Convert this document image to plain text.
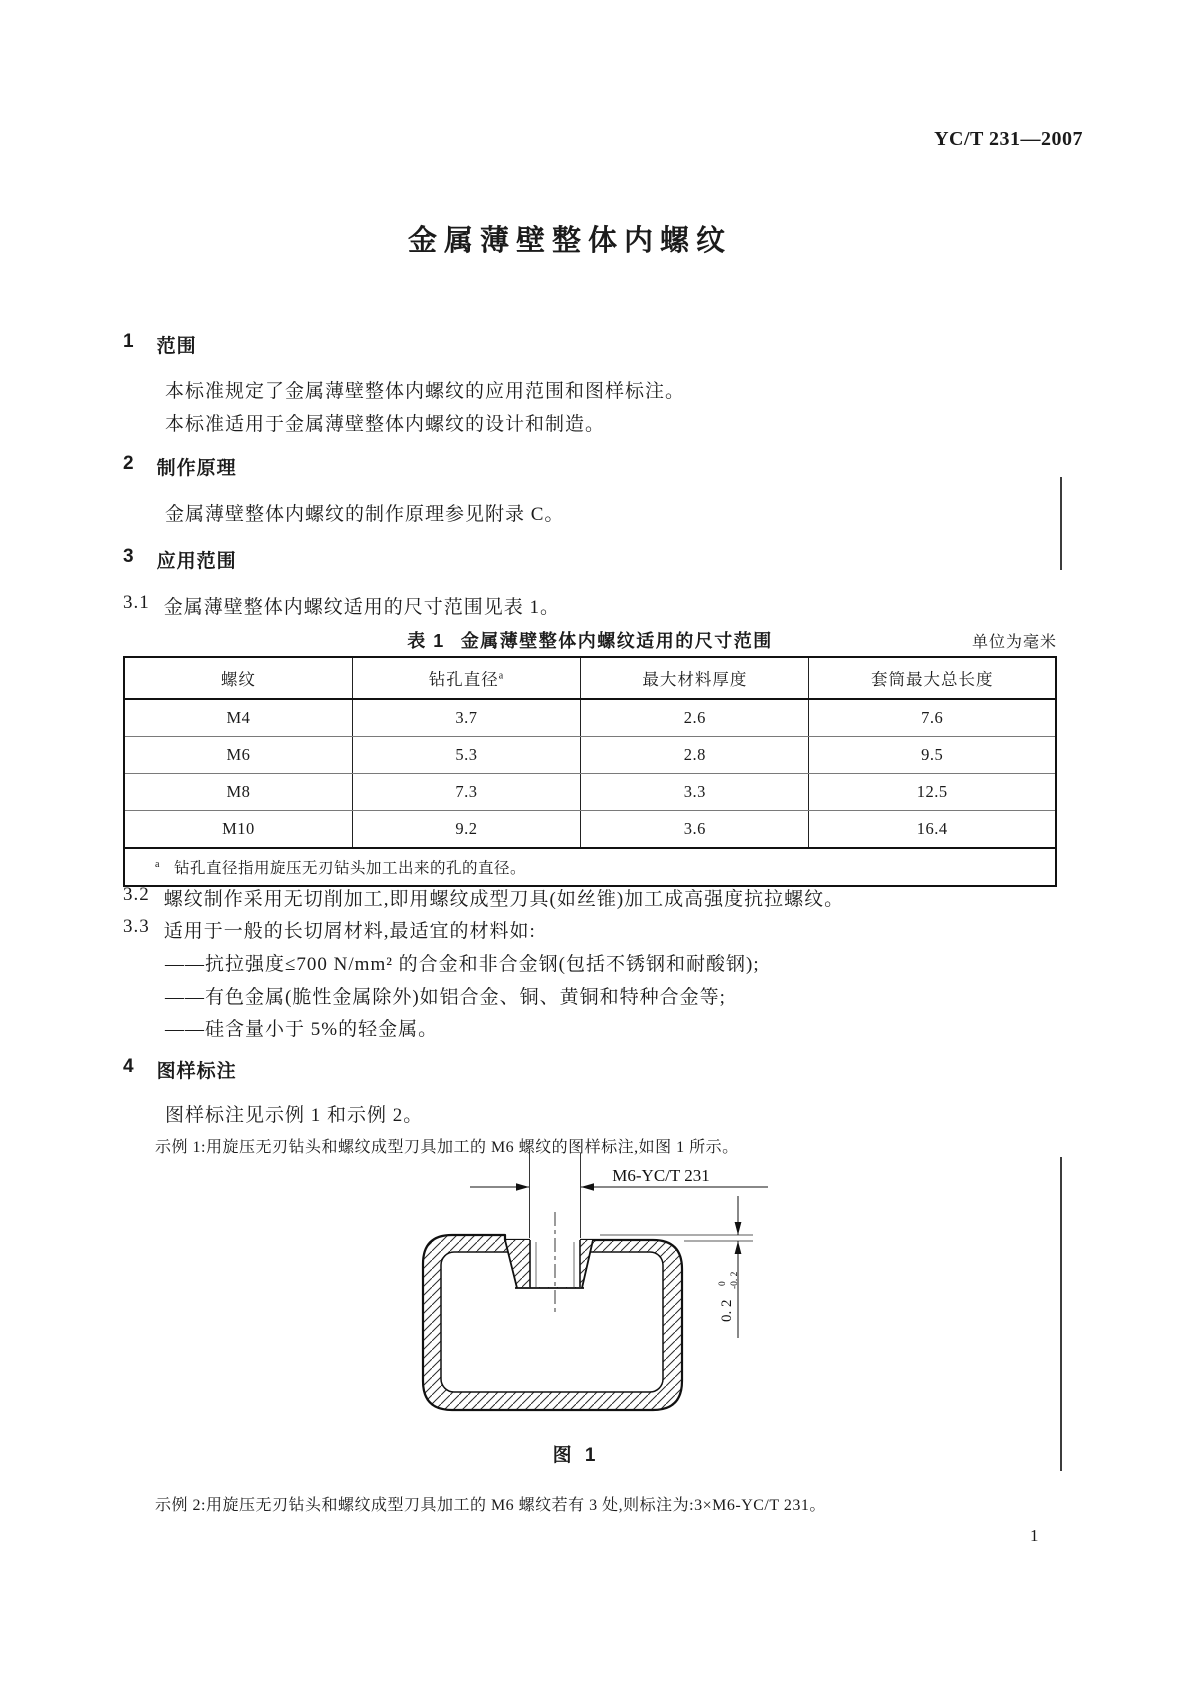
YC/T 231—2007
金属薄壁整体内螺纹
1 范围
本标准规定了金属薄壁整体内螺纹的应用范围和图样标注。
本标准适用于金属薄壁整体内螺纹的设计和制造。
2 制作原理
金属薄壁整体内螺纹的制作原理参见附录 C。
3 应用范围
3.1 金属薄壁整体内螺纹适用的尺寸范围见表 1。
表 1 金属薄壁整体内螺纹适用的尺寸范围	单位为毫米
螺纹	钻孔直径$^a$	最大材料厚度	套筒最大总长度
M4	3.7	2.6	7.6
M6	5.3	2.8	9.5
M8	7.3	3.3	12.5
M10	9.2	3.6	16.4
$^a$ 钻孔直径指用旋压无刃钻头加工出来的孔的直径。			
3.2 螺纹制作采用无切削加工,即用螺纹成型刀具(如丝锥)加工成高强度抗拉螺纹。
3.3 适用于一般的长切屑材料,最适宜的材料如:
——抗拉强度≤700 N/mm² 的合金和非合金钢(包括不锈钢和耐酸钢);
——有色金属(脆性金属除外)如铝合金、铜、黄铜和特种合金等;
——硅含量小于 5%的轻金属。
4 图样标注
图样标注见示例 1 和示例 2。
示例 1:用旋压无刃钻头和螺纹成型刀具加工的 M6 螺纹的图样标注,如图 1 所示。
M6-YC/T 231
0. 2
0 -0. 2
图 1
示例 2:用旋压无刃钻头和螺纹成型刀具加工的 M6 螺纹若有 3 处,则标注为:3×M6-YC/T 231。
1
